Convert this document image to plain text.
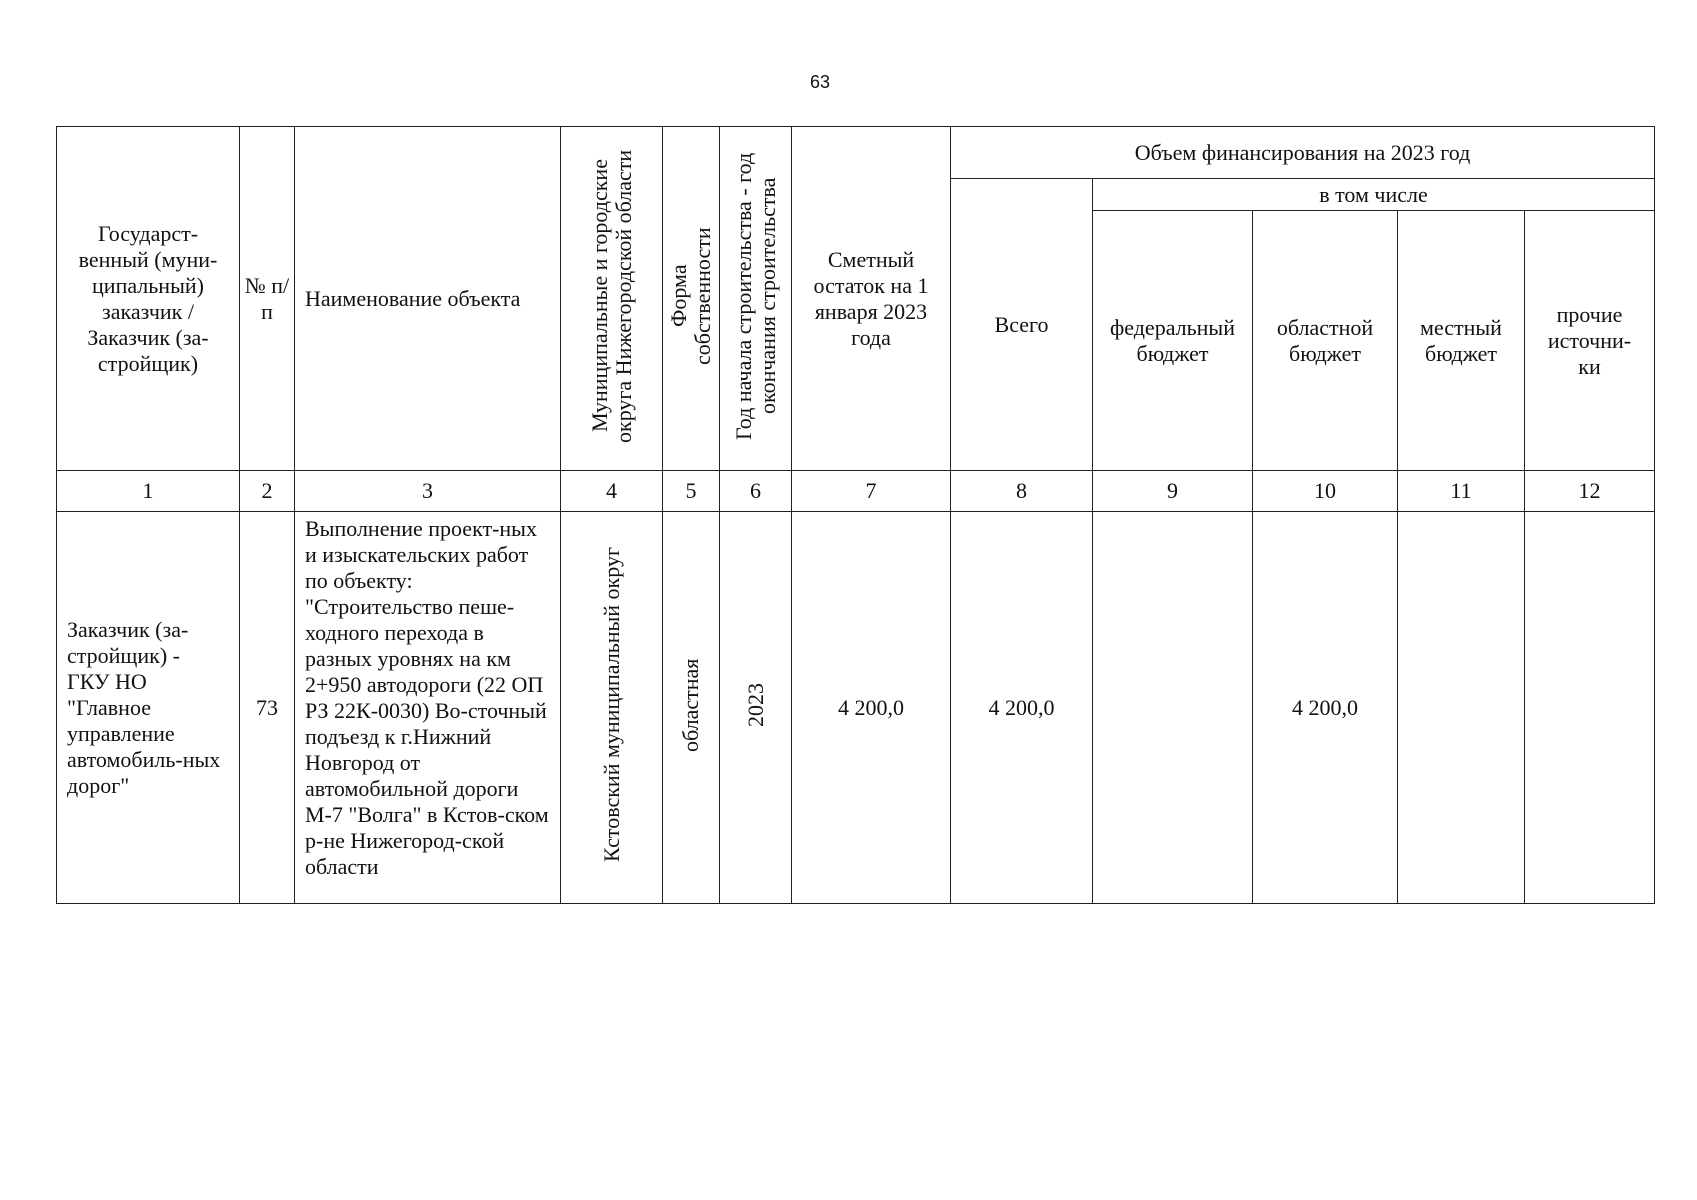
63
Государст-венный (муни-ципальный) заказчик / Заказчик (за-стройщик)	№ п/п	Наименование объекта	Муниципальные и городские округа Нижегородской области	Форма собственности	Год начала строительства - год окончания строительства	Сметный остаток на 1 января 2023 года	Объем финансирования на 2023 год				

							Всего	в том числе			

								федеральный бюджет	областной бюджет	местный бюджет	прочие источни-ки

1	2	3	4	5	6	7	8	9	10	11	12

Заказчик (за-стройщик) - ГКУ НО "Главное управление автомобиль-ных дорог"	73	Выполнение проект-ных и изыскательских работ по объекту: "Строительство пеше-ходного перехода в разных уровнях на км 2+950 автодороги (22 ОП РЗ 22К-0030) Во-сточный подъезд к г.Нижний Новгород от автомобильной дороги М-7 "Волга" в Кстов-ском р-не Нижегород-ской области	Кстовский муниципальный округ	областная	2023	4 200,0	4 200,0		4 200,0		
